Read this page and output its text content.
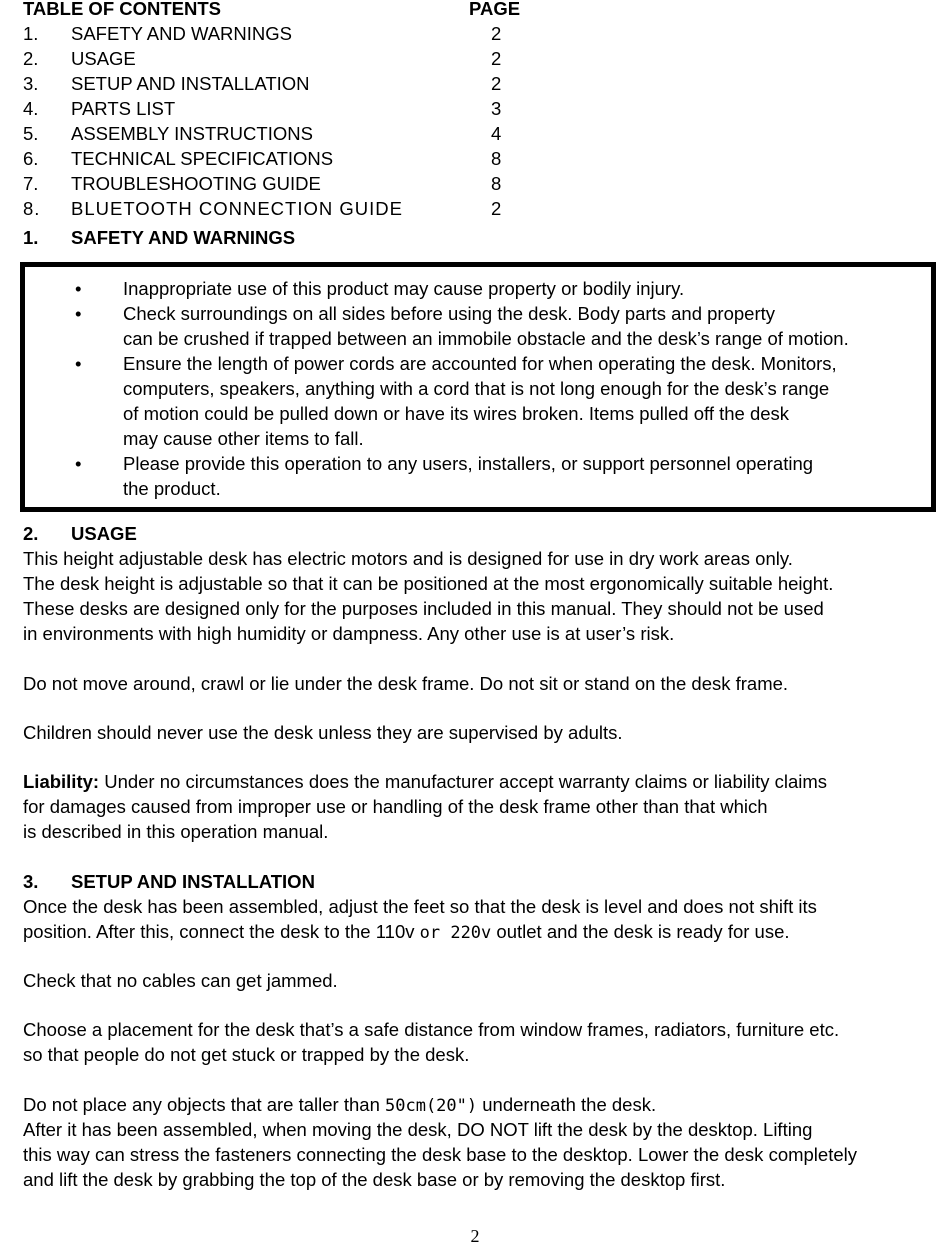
TABLE OF CONTENTS	PAGE
1. SAFETY AND WARNINGS	2
2. USAGE	2
3. SETUP AND INSTALLATION	2
4. PARTS LIST	3
5. ASSEMBLY INSTRUCTIONS	4
6. TECHNICAL SPECIFICATIONS	8
7. TROUBLESHOOTING GUIDE	8
8. BLUETOOTH CONNECTION GUIDE	2
1. SAFETY AND WARNINGS
• Inappropriate use of this product may cause property or bodily injury.
• Check surroundings on all sides before using the desk. Body parts and property
can be crushed if trapped between an immobile obstacle and the desk’s range of motion.
• Ensure the length of power cords are accounted for when operating the desk. Monitors,
computers, speakers, anything with a cord that is not long enough for the desk’s range
of motion could be pulled down or have its wires broken. Items pulled off the desk
may cause other items to fall.
• Please provide this operation to any users, installers, or support personnel operating
the product.
2. USAGE
This height adjustable desk has electric motors and is designed for use in dry work areas only.
The desk height is adjustable so that it can be positioned at the most ergonomically suitable height.
These desks are designed only for the purposes included in this manual. They should not be used
in environments with high humidity or dampness. Any other use is at user’s risk.
Do not move around, crawl or lie under the desk frame. Do not sit or stand on the desk frame.
Children should never use the desk unless they are supervised by adults.
Liability: Under no circumstances does the manufacturer accept warranty claims or liability claims
for damages caused from improper use or handling of the desk frame other than that which
is described in this operation manual.
3. SETUP AND INSTALLATION
Once the desk has been assembled, adjust the feet so that the desk is level and does not shift its
position. After this, connect the desk to the 110v or 220v outlet and the desk is ready for use.
Check that no cables can get jammed.
Choose a placement for the desk that’s a safe distance from window frames, radiators, furniture etc.
so that people do not get stuck or trapped by the desk.
Do not place any objects that are taller than 50cm(20") underneath the desk.
After it has been assembled, when moving the desk, DO NOT lift the desk by the desktop. Lifting
this way can stress the fasteners connecting the desk base to the desktop. Lower the desk completely
and lift the desk by grabbing the top of the desk base or by removing the desktop first.
2
